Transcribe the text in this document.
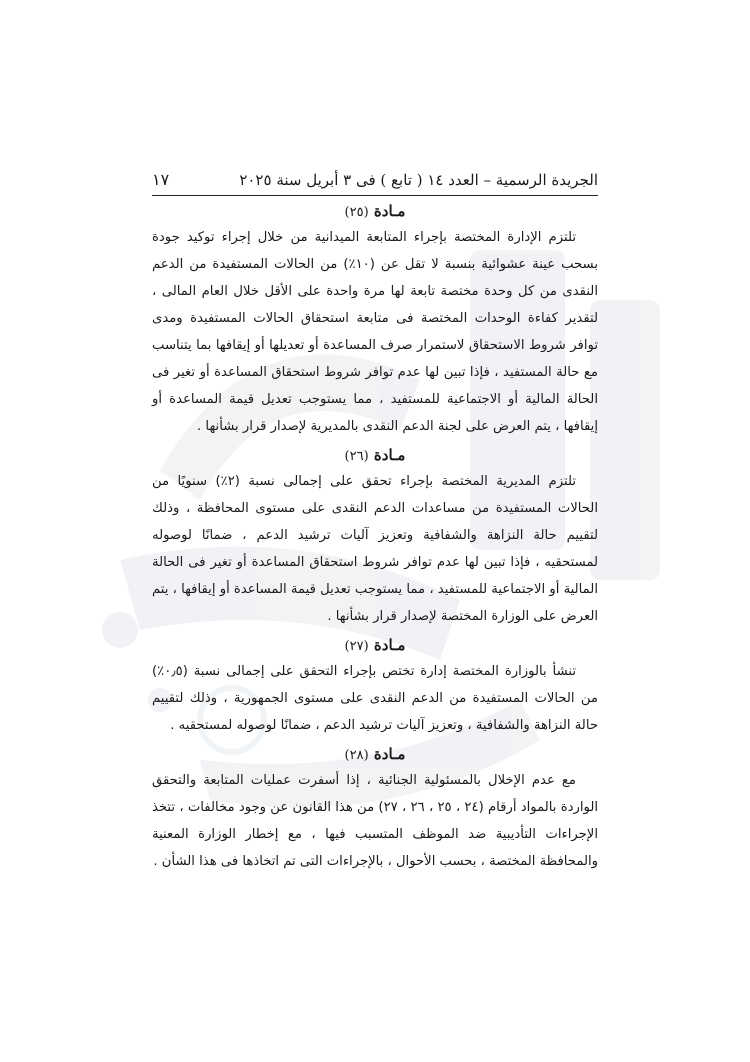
الجريدة الرسمية – العدد ١٤ ( تابع ) فى ٣ أبريل سنة ٢٠٢٥
١٧
مـادة (٢٥)

تلتزم الإدارة المختصة بإجراء المتابعة الميدانية من خلال إجراء توكيد جودة بسحب عينة عشوائية بنسبة لا تقل عن (١٠٪) من الحالات المستفيدة من الدعم النقدى من كل وحدة مختصة تابعة لها مرة واحدة على الأقل خلال العام المالى ، لتقدير كفاءة الوحدات المختصة فى متابعة استحقاق الحالات المستفيدة ومدى توافر شروط الاستحقاق لاستمرار صرف المساعدة أو تعديلها أو إيقافها بما يتناسب مع حالة المستفيد ، فإذا تبين لها عدم توافر شروط استحقاق المساعدة أو تغير فى الحالة المالية أو الاجتماعية للمستفيد ، مما يستوجب تعديل قيمة المساعدة أو إيقافها ، يتم العرض على لجنة الدعم النقدى بالمديرية لإصدار قرار بشأنها .

مـادة (٢٦)

تلتزم المديرية المختصة بإجراء تحقق على إجمالى نسبة (٢٪) سنويًا من الحالات المستفيدة من مساعدات الدعم النقدى على مستوى المحافظة ، وذلك لتقييم حالة النزاهة والشفافية وتعزيز آليات ترشيد الدعم ، ضمانًا لوصوله لمستحقيه ، فإذا تبين لها عدم توافر شروط استحقاق المساعدة أو تغير فى الحالة المالية أو الاجتماعية للمستفيد ، مما يستوجب تعديل قيمة المساعدة أو إيقافها ، يتم العرض على الوزارة المختصة لإصدار قرار بشأنها .

مـادة (٢٧)

تنشأ بالوزارة المختصة إدارة تختص بإجراء التحقق على إجمالى نسبة (٠٫٥٪) من الحالات المستفيدة من الدعم النقدى على مستوى الجمهورية ، وذلك لتقييم حالة النزاهة والشفافية ، وتعزيز آليات ترشيد الدعم ، ضمانًا لوصوله لمستحقيه .

مـادة (٢٨)

مع عدم الإخلال بالمسئولية الجنائية ، إذا أسفرت عمليات المتابعة والتحقق الواردة بالمواد أرقام (٢٤ ، ٢٥ ، ٢٦ ، ٢٧) من هذا القانون عن وجود مخالفات ، تتخذ الإجراءات التأديبية ضد الموظف المتسبب فيها ، مع إخطار الوزارة المعنية والمحافظة المختصة ، بحسب الأحوال ، بالإجراءات التى تم اتخاذها فى هذا الشأن .
